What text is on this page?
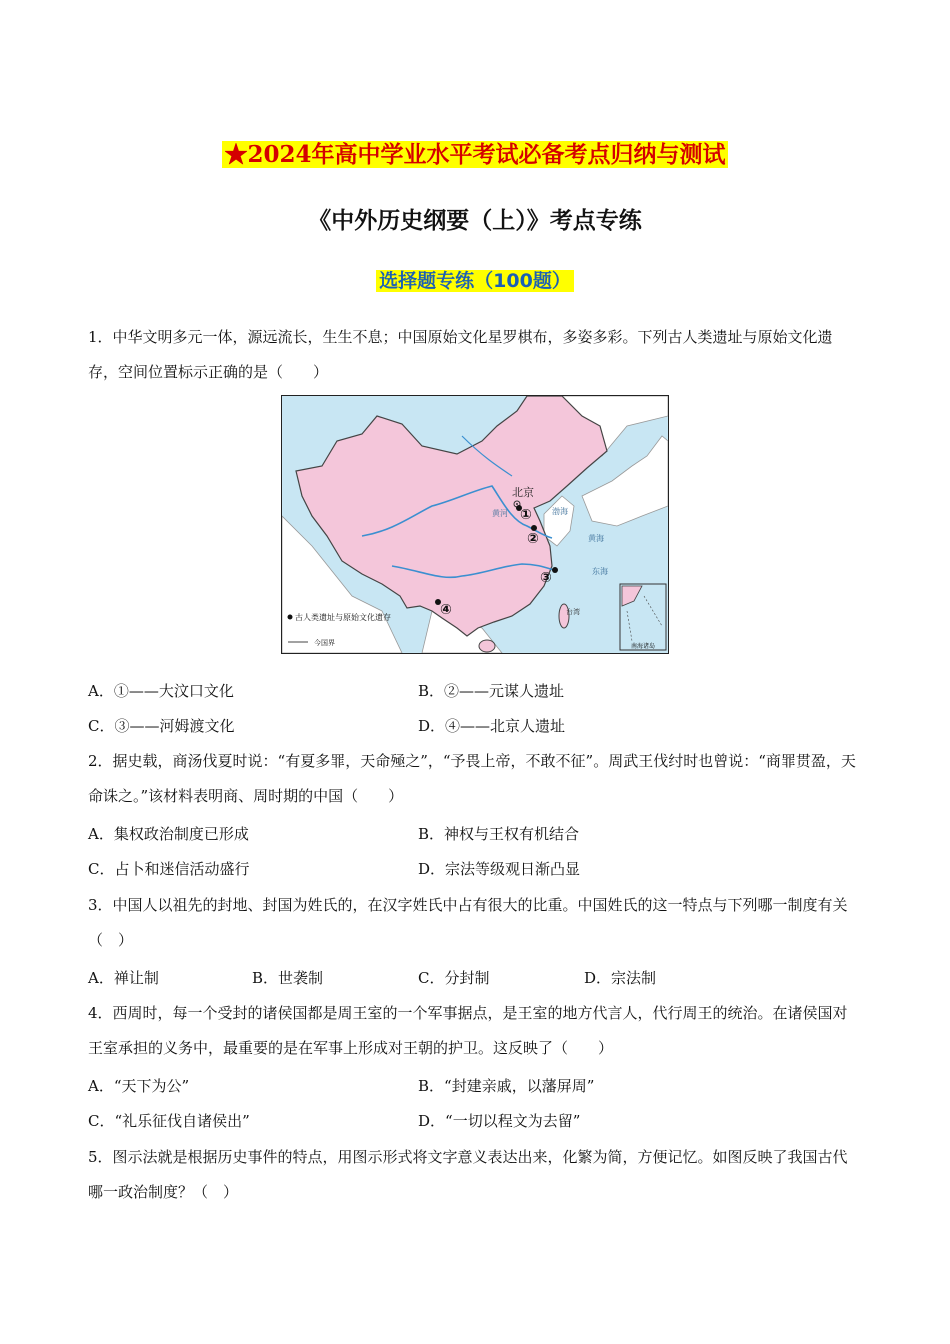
★2024年高中学业水平考试必备考点归纳与测试
《中外历史纲要（上）》考点专练
选择题专练（100题）
1．中华文明多元一体，源远流长，生生不息；中国原始文化星罗棋布，多姿多彩。下列古人类遗址与原始文化遗存，空间位置标示正确的是（　　）
南海诸岛
北京
渤海
黄海
东海
黄河
台湾
①
②
③
④
古人类遗址与原始文化遗存
今国界
A．①——大汶口文化	B．②——元谋人遗址
C．③——河姆渡文化	D．④——北京人遗址
2．据史载，商汤伐夏时说：“有夏多罪，天命殛之”，“予畏上帝，不敢不征”。周武王伐纣时也曾说：“商罪贯盈，天命诛之。”该材料表明商、周时期的中国（　　）
A．集权政治制度已形成	B．神权与王权有机结合
C．占卜和迷信活动盛行	D．宗法等级观日渐凸显
3．中国人以祖先的封地、封国为姓氏的，在汉字姓氏中占有很大的比重。中国姓氏的这一特点与下列哪一制度有关（　）
A．禅让制	B．世袭制	C．分封制	D．宗法制
4．西周时，每一个受封的诸侯国都是周王室的一个军事据点，是王室的地方代言人，代行周王的统治。在诸侯国对王室承担的义务中，最重要的是在军事上形成对王朝的护卫。这反映了（　　）
A．“天下为公”	B．“封建亲戚，以藩屏周”
C．“礼乐征伐自诸侯出”	D．“一切以程文为去留”
5．图示法就是根据历史事件的特点，用图示形式将文字意义表达出来，化繁为简，方便记忆。如图反映了我国古代哪一政治制度？（　）
